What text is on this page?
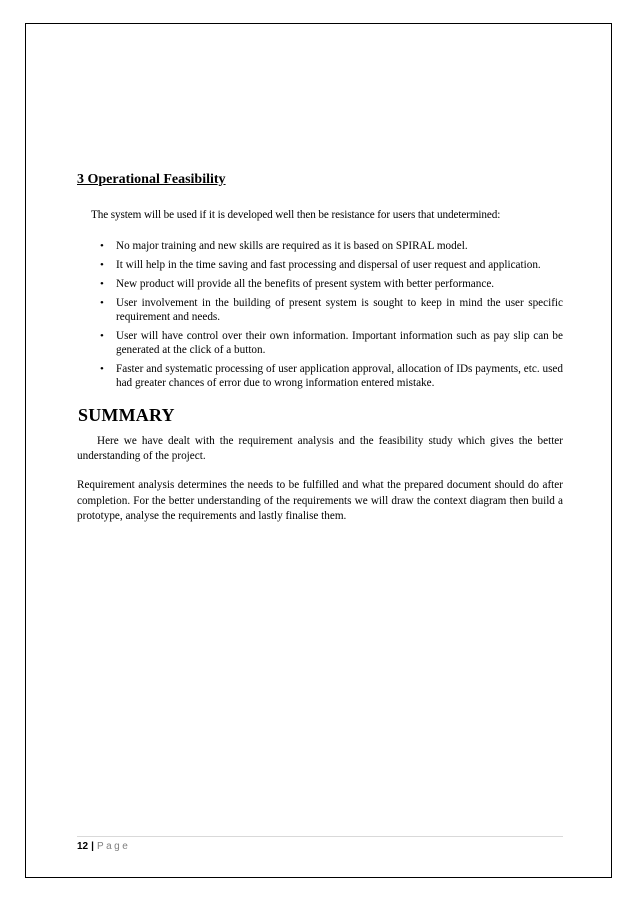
3 Operational Feasibility

The system will be used if it is developed well then be resistance for users that undetermined:

• No major training and new skills are required as it is based on SPIRAL model.
• It will help in the time saving and fast processing and dispersal of user request and application.
• New product will provide all the benefits of present system with better performance.
• User involvement in the building of present system is sought to keep in mind the user specific requirement and needs.
• User will have control over their own information. Important information such as pay slip can be generated at the click of a button.
• Faster and systematic processing of user application approval, allocation of IDs payments, etc. used had greater chances of error due to wrong information entered mistake.
SUMMARY

Here we have dealt with the requirement analysis and the feasibility study which gives the better understanding of the project.

Requirement analysis determines the needs to be fulfilled and what the prepared document should do after completion. For the better understanding of the requirements we will draw the context diagram then build a prototype, analyse the requirements and lastly finalise them.

12 | Page
